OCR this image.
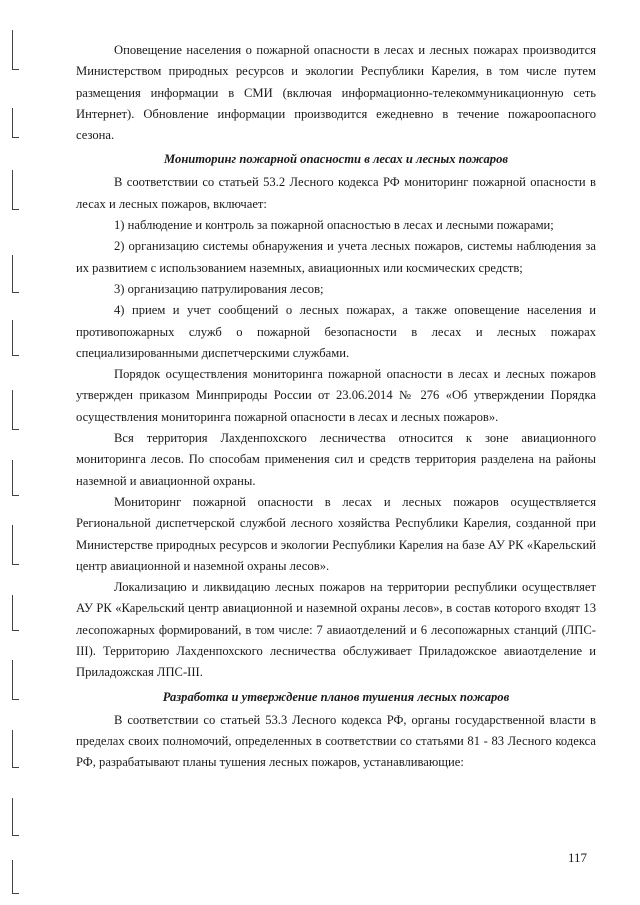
Оповещение населения о пожарной опасности в лесах и лесных пожарах производится Министерством природных ресурсов и экологии Республики Карелия, в том числе путем размещения информации в СМИ (включая информационно-телекоммуникационную сеть Интернет). Обновление информации производится ежедневно в течение пожароопасного сезона.

Мониторинг пожарной опасности в лесах и лесных пожаров

В соответствии со статьей 53.2 Лесного кодекса РФ мониторинг пожарной опасности в лесах и лесных пожаров, включает:

1) наблюдение и контроль за пожарной опасностью в лесах и лесными пожарами;

2) организацию системы обнаружения и учета лесных пожаров, системы наблюдения за их развитием с использованием наземных, авиационных или космических средств;

3) организацию патрулирования лесов;

4) прием и учет сообщений о лесных пожарах, а также оповещение населения и противопожарных служб о пожарной безопасности в лесах и лесных пожарах специализированными диспетчерскими службами.

Порядок осуществления мониторинга пожарной опасности в лесах и лесных пожаров утвержден приказом Минприроды России от 23.06.2014 № 276 «Об утверждении Порядка осуществления мониторинга пожарной опасности в лесах и лесных пожаров».

Вся территория Лахденпохского лесничества относится к зоне авиационного мониторинга лесов. По способам применения сил и средств территория разделена на районы наземной и авиационной охраны.

Мониторинг пожарной опасности в лесах и лесных пожаров осуществляется Региональной диспетчерской службой лесного хозяйства Республики Карелия, созданной при Министерстве природных ресурсов и экологии Республики Карелия на базе АУ РК «Карельский центр авиационной и наземной охраны лесов».

Локализацию и ликвидацию лесных пожаров на территории республики осуществляет АУ РК «Карельский центр авиационной и наземной охраны лесов», в состав которого входят 13 лесопожарных формирований, в том числе: 7 авиаотделений и 6 лесопожарных станций (ЛПС-III). Территорию Лахденпохского лесничества обслуживает Приладожское авиаотделение и Приладожская ЛПС-III.

Разработка и утверждение планов тушения лесных пожаров

В соответствии со статьей 53.3 Лесного кодекса РФ, органы государственной власти в пределах своих полномочий, определенных в соответствии со статьями 81 - 83 Лесного кодекса РФ, разрабатывают планы тушения лесных пожаров, устанавливающие:

117
